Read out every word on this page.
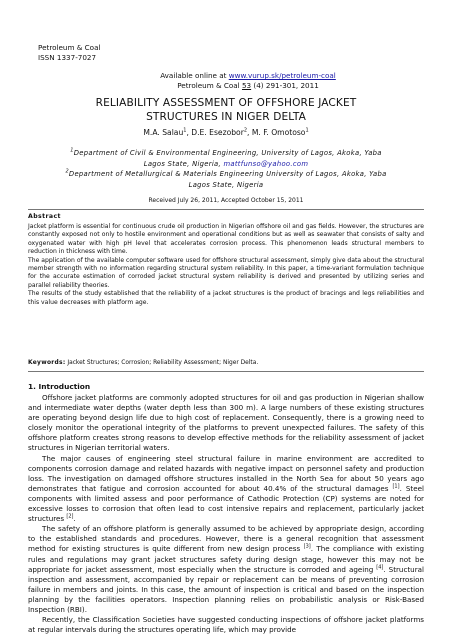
Petroleum & Coal
ISSN 1337-7027
Available online at www.vurup.sk/petroleum-coal
Petroleum & Coal 53 (4) 291-301, 2011
RELIABILITY ASSESSMENT OF OFFSHORE JACKET
STRUCTURES IN NIGER DELTA
M.A. Salau$^1$, D.E. Esezobor$^2$, M. F. Omotoso$^1$
$^1$Department of Civil & Environmental Engineering, University of Lagos, Akoka, Yaba
Lagos State, Nigeria, mattfunso@yahoo.com
$^2$Department of Metallurgical & Materials Engineering University of Lagos, Akoka, Yaba
Lagos State, Nigeria
Received July 26, 2011, Accepted October 15, 2011
Abstract

Jacket platform is essential for continuous crude oil production in Nigerian offshore oil and gas fields. However, the structures are constantly exposed not only to hostile environment and operational conditions but as well as seawater that consists of salty and oxygenated water with high pH level that accelerates corrosion process. This phenomenon leads structural members to reduction in thickness with time.

The application of the available computer software used for offshore structural assessment, simply give data about the structural member strength with no information regarding structural system reliability. In this paper, a time-variant formulation technique for the accurate estimation of corroded jacket structural system reliability is derived and presented by utilizing series and parallel reliability theories.

The results of the study established that the reliability of a jacket structures is the product of bracings and legs reliabilities and this value decreases with platform age.

Keywords: Jacket Structures; Corrosion; Reliability Assessment; Niger Delta.
1. Introduction

Offshore jacket platforms are commonly adopted structures for oil and gas production in Nigerian shallow and intermediate water depths (water depth less than 300 m). A large numbers of these existing structures are operating beyond design life due to high cost of replacement. Consequently, there is a growing need to closely monitor the operational integrity of the platforms to prevent unexpected failures. The safety of this offshore platform creates strong reasons to develop effective methods for the reliability assessment of jacket structures in Nigerian territorial waters.

The major causes of engineering steel structural failure in marine environment are accredited to components corrosion damage and related hazards with negative impact on personnel safety and production loss. The investigation on damaged offshore structures installed in the North Sea for about 50 years ago demonstrates that fatigue and corrosion accounted for about 40.4% of the structural damages [1]. Steel components with limited assess and poor performance of Cathodic Protection (CP) systems are noted for excessive losses to corrosion that often lead to cost intensive repairs and replacement, particularly jacket structures [2].

The safety of an offshore platform is generally assumed to be achieved by appropriate design, according to the established standards and procedures. However, there is a general recognition that assessment method for existing structures is quite different from new design process [3]. The compliance with existing rules and regulations may grant jacket structures safety during design stage, however this may not be appropriate for jacket assessment, most especially when the structure is corroded and ageing [4]. Structural inspection and assessment, accompanied by repair or replacement can be means of preventing corrosion failure in members and joints. In this case, the amount of inspection is critical and based on the inspection planning by the facilities operators. Inspection planning relies on probabilistic analysis or Risk-Based Inspection (RBI).

Recently, the Classification Societies have suggested conducting inspections of offshore jacket platforms at regular intervals during the structures operating life, which may provide
